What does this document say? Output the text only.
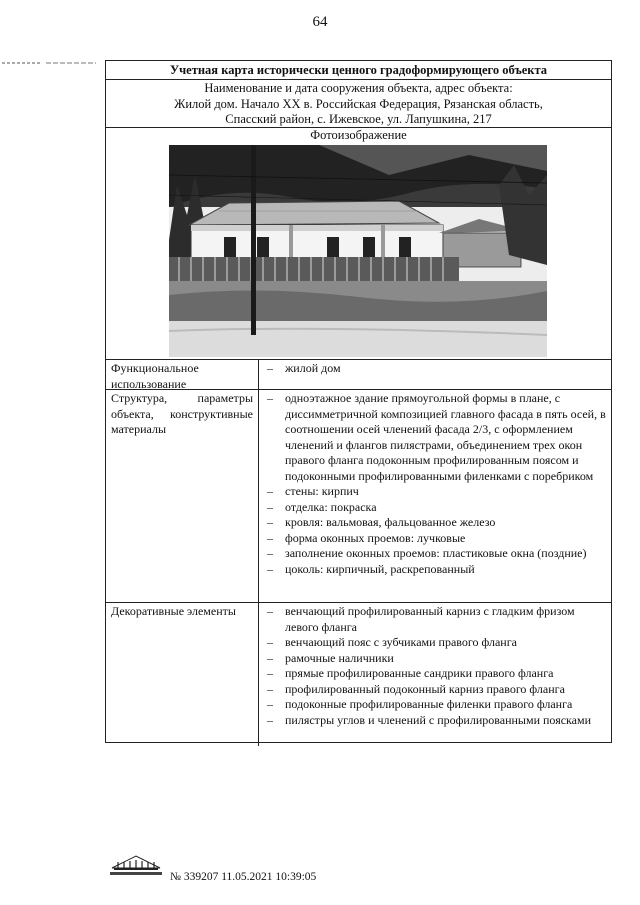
64
Учетная карта исторически ценного градоформирующего объекта
Наименование и дата сооружения объекта, адрес объекта:
Жилой дом. Начало XX в. Российская Федерация, Рязанская область,
Спасский район, с. Ижевское, ул. Лапушкина, 217
Фотоизображение
Функциональное использование
–	жилой дом
Структура, параметры объекта, конструктивные материалы
–	одноэтажное здание прямоугольной формы в плане, с диссимметричной композицией главного фасада в пять осей, в соотношении осей членений фасада 2/3, с оформлением членений и флангов пилястрами, объединением трех окон правого фланга подоконным профилированным поясом и подоконными профилированными филенками с поребриком
–	стены: кирпич
–	отделка: покраска
–	кровля: вальмовая, фальцованное железо
–	форма оконных проемов: лучковые
–	заполнение оконных проемов: пластиковые окна (поздние)
–	цоколь: кирпичный, раскрепованный
Декоративные элементы	–	венчающий профилированный карниз с гладким фризом левого фланга
–	венчающий пояс с зубчиками правого фланга
–	рамочные наличники
–	прямые профилированные сандрики правого фланга
–	профилированный подоконный карниз правого фланга
–	подоконные профилированные филенки правого фланга
–	пилястры углов и членений с профилированными поясками
№ 339207 11.05.2021 10:39:05
